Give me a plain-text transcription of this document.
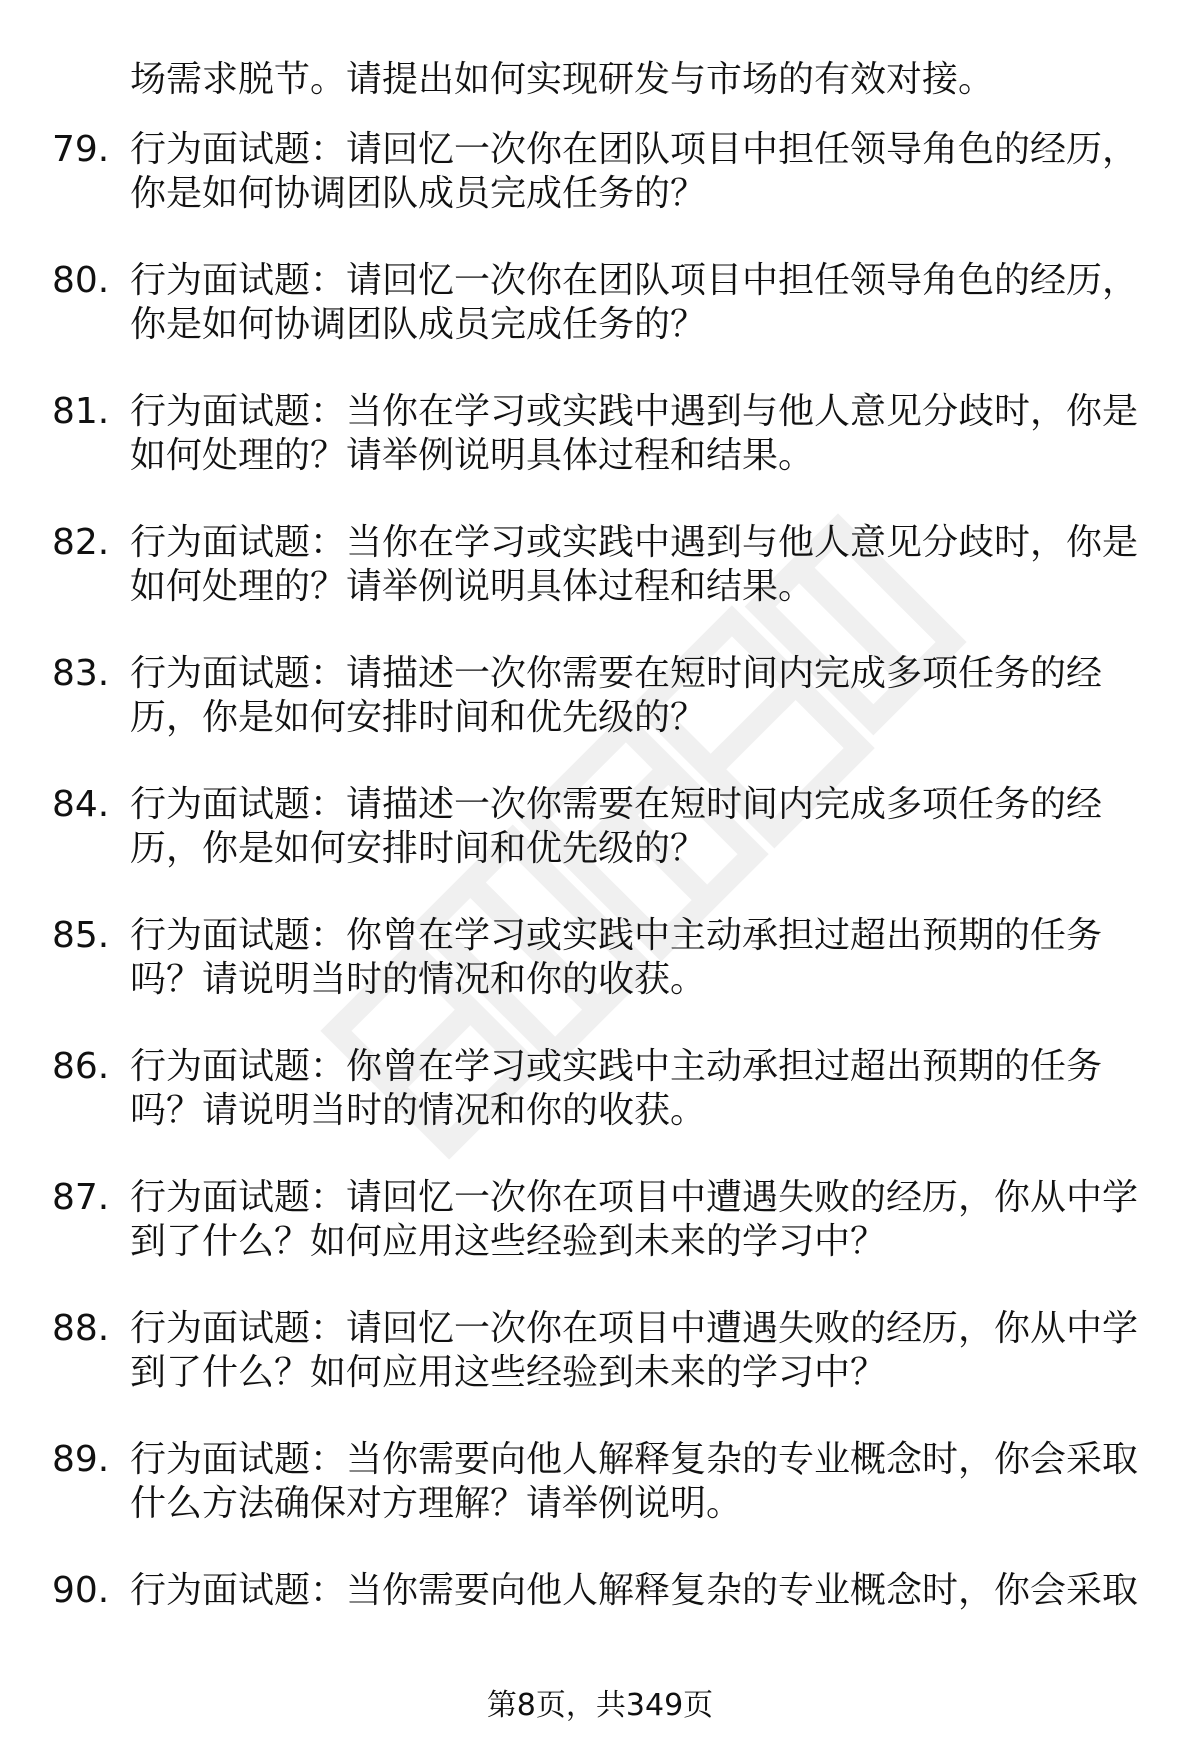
场需求脱节。请提出如何实现研发与市场的有效对接。
79. 行为面试题：请回忆一次你在团队项目中担任领导角色的经历，
你是如何协调团队成员完成任务的？
80. 行为面试题：请回忆一次你在团队项目中担任领导角色的经历，
你是如何协调团队成员完成任务的？
81. 行为面试题：当你在学习或实践中遇到与他人意见分歧时，你是
如何处理的？请举例说明具体过程和结果。
82. 行为面试题：当你在学习或实践中遇到与他人意见分歧时，你是
如何处理的？请举例说明具体过程和结果。
83. 行为面试题：请描述一次你需要在短时间内完成多项任务的经
历，你是如何安排时间和优先级的？
84. 行为面试题：请描述一次你需要在短时间内完成多项任务的经
历，你是如何安排时间和优先级的？
85. 行为面试题：你曾在学习或实践中主动承担过超出预期的任务
吗？请说明当时的情况和你的收获。
86. 行为面试题：你曾在学习或实践中主动承担过超出预期的任务
吗？请说明当时的情况和你的收获。
87. 行为面试题：请回忆一次你在项目中遭遇失败的经历，你从中学
到了什么？如何应用这些经验到未来的学习中？
88. 行为面试题：请回忆一次你在项目中遭遇失败的经历，你从中学
到了什么？如何应用这些经验到未来的学习中？
89. 行为面试题：当你需要向他人解释复杂的专业概念时，你会采取
什么方法确保对方理解？请举例说明。
90. 行为面试题：当你需要向他人解释复杂的专业概念时，你会采取
第8页，共349页
